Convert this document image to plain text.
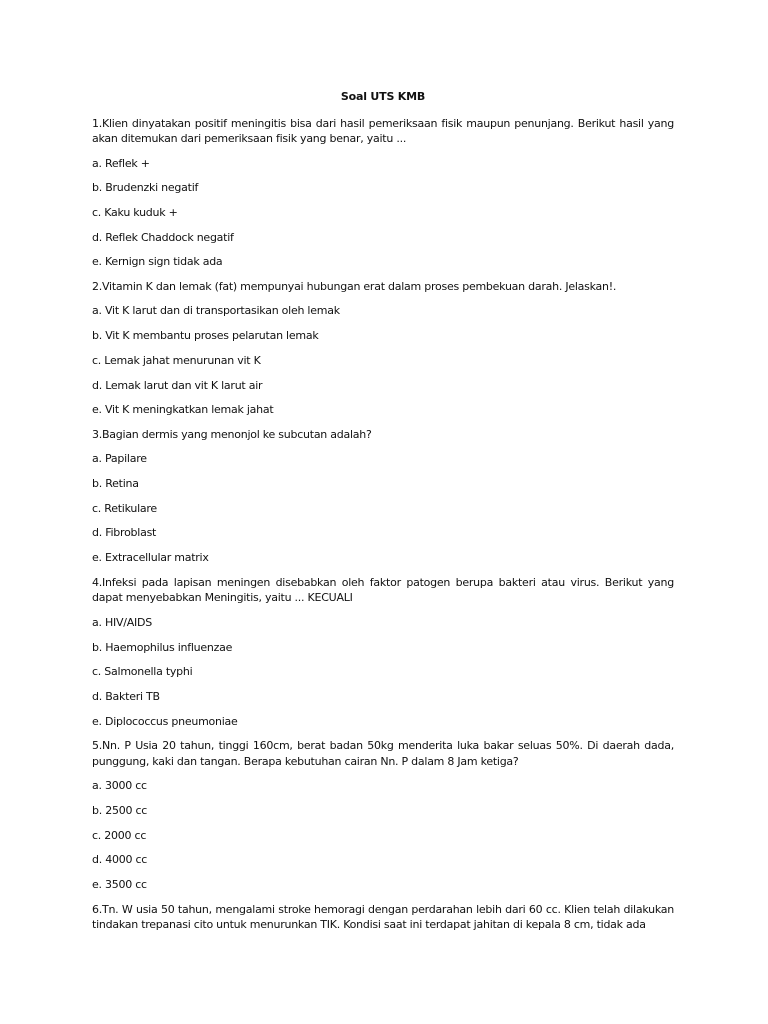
Soal UTS KMB
1.Klien dinyatakan positif meningitis bisa dari hasil pemeriksaan fisik maupun penunjang. Berikut hasil yang akan ditemukan dari pemeriksaan fisik yang benar, yaitu ...
a. Reflek +
b. Brudenzki negatif
c. Kaku kuduk +
d. Reflek Chaddock negatif
e. Kernign sign tidak ada
2.Vitamin K dan lemak (fat) mempunyai hubungan erat dalam proses pembekuan darah. Jelaskan!.
a. Vit K larut dan di transportasikan oleh lemak
b. Vit K membantu proses pelarutan lemak
c. Lemak jahat menurunan vit K
d. Lemak larut dan vit K larut air
e. Vit K meningkatkan lemak jahat
3.Bagian dermis yang menonjol ke subcutan adalah?
a. Papilare
b. Retina
c. Retikulare
d. Fibroblast
e. Extracellular matrix
4.Infeksi pada lapisan meningen disebabkan oleh faktor patogen berupa bakteri atau virus. Berikut yang dapat menyebabkan Meningitis, yaitu ... KECUALI
a. HIV/AIDS
b. Haemophilus influenzae
c. Salmonella typhi
d. Bakteri TB
e. Diplococcus pneumoniae
5.Nn. P Usia 20 tahun, tinggi 160cm, berat badan 50kg menderita luka bakar seluas 50%. Di daerah dada, punggung, kaki dan tangan. Berapa kebutuhan cairan Nn. P dalam 8 Jam ketiga?
a. 3000 cc
b. 2500 cc
c. 2000 cc
d. 4000 cc
e. 3500 cc
6.Tn. W usia 50 tahun, mengalami stroke hemoragi dengan perdarahan lebih dari 60 cc. Klien telah dilakukan tindakan trepanasi cito untuk menurunkan TIK. Kondisi saat ini terdapat jahitan di kepala 8 cm, tidak ada
